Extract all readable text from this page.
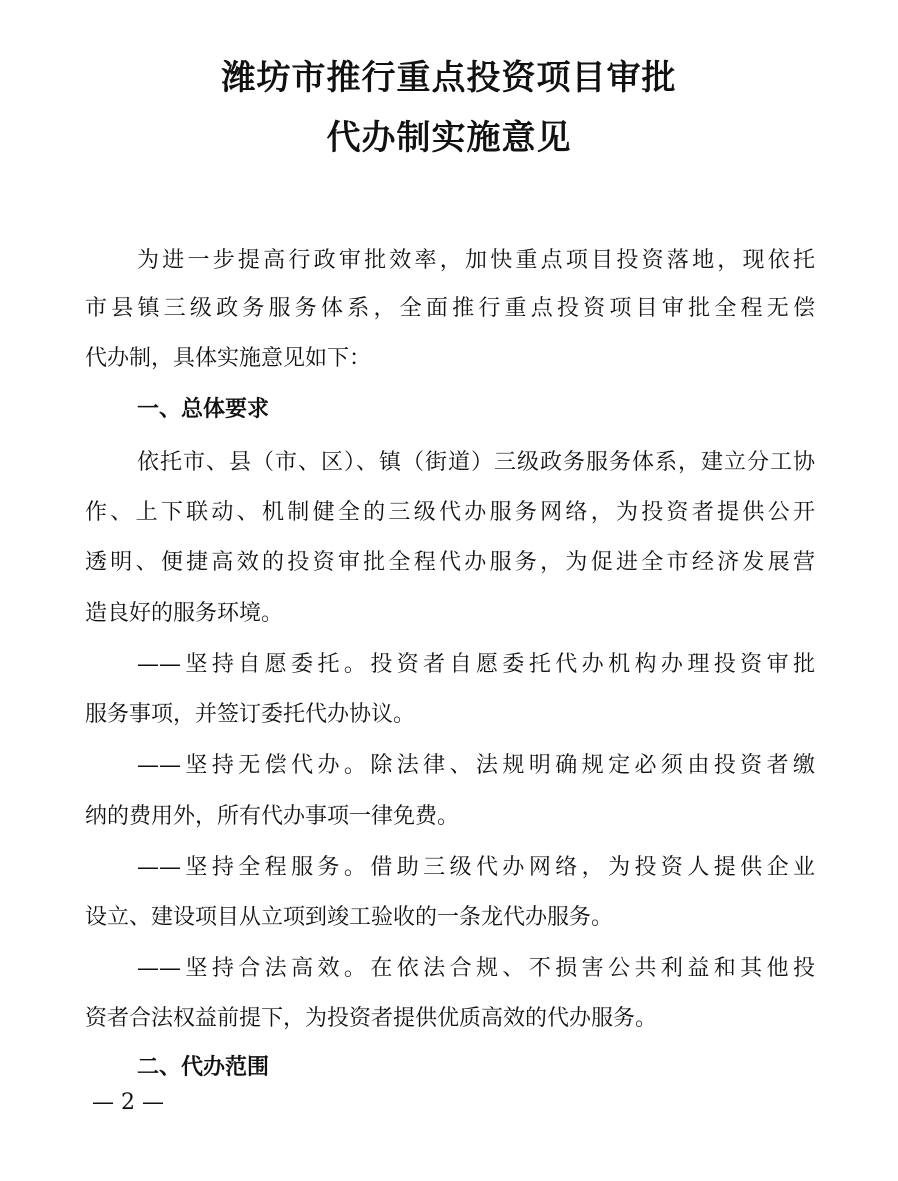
潍坊市推行重点投资项目审批
代办制实施意见

为进一步提高行政审批效率，加快重点项目投资落地，现依托

市县镇三级政务服务体系，全面推行重点投资项目审批全程无偿

代办制，具体实施意见如下：

一、总体要求

依托市、县（市、区）、镇（街道）三级政务服务体系，建立分工协

作、上下联动、机制健全的三级代办服务网络，为投资者提供公开

透明、便捷高效的投资审批全程代办服务，为促进全市经济发展营

造良好的服务环境。

——坚持自愿委托。投资者自愿委托代办机构办理投资审批

服务事项，并签订委托代办协议。

——坚持无偿代办。除法律、法规明确规定必须由投资者缴

纳的费用外，所有代办事项一律免费。

——坚持全程服务。借助三级代办网络，为投资人提供企业

设立、建设项目从立项到竣工验收的一条龙代办服务。

——坚持合法高效。在依法合规、不损害公共利益和其他投

资者合法权益前提下，为投资者提供优质高效的代办服务。

二、代办范围

— 2 —
